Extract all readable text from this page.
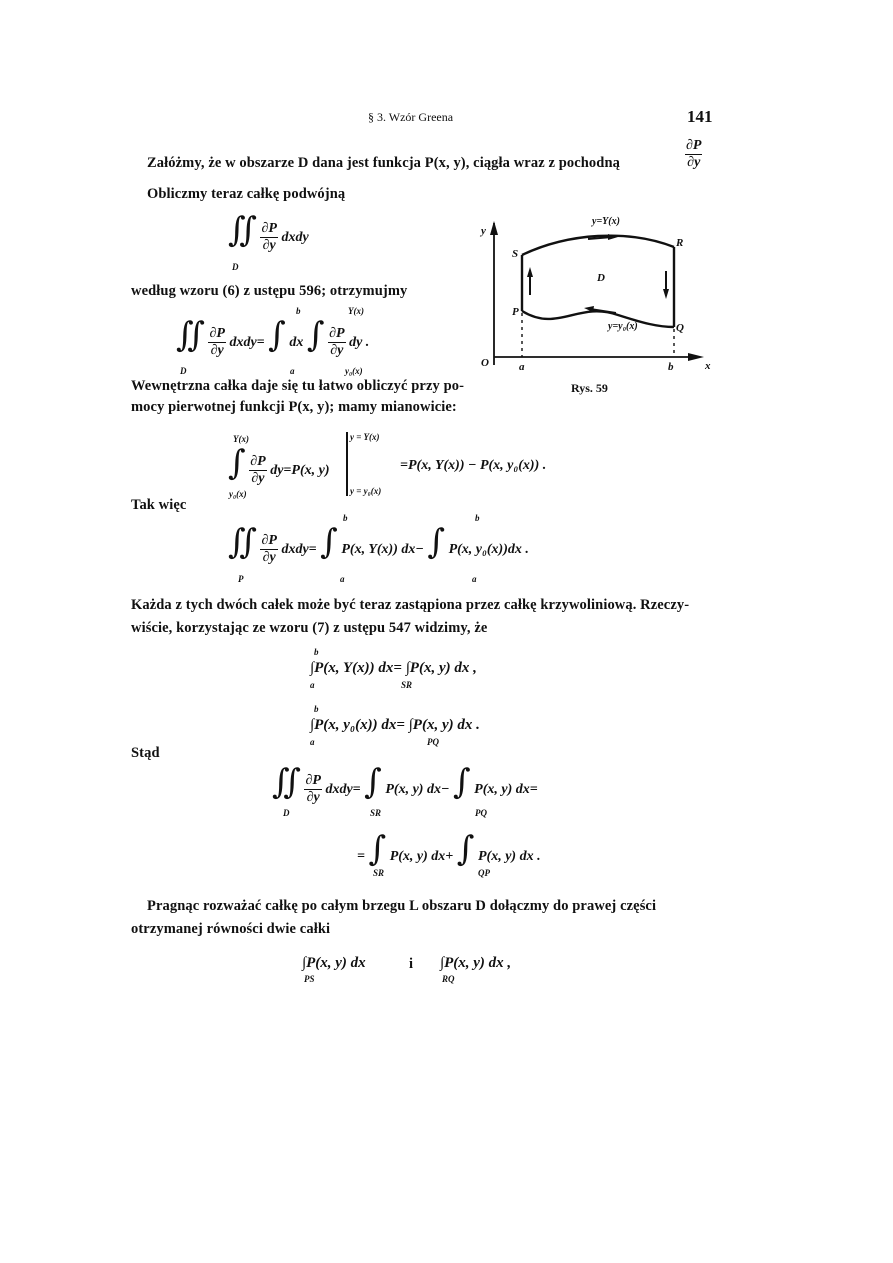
§ 3. Wzór Greena	141
Załóżmy, że w obszarze D dana jest funkcja P(x, y), ciągła wraz z pochodną	$\frac{\partial P}{\partial y}$
Obliczmy teraz całkę podwójną
∬ $\frac{\partial P}{\partial y}$ dxdy
D
według wzoru (6) z ustępu 596; otrzymujmy
b	Y(x)
∬ $\frac{\partial P}{\partial y}$ dxdy= ∫ dx ∫ $\frac{\partial P}{\partial y}$ dy .
D	a	y₀(x)
Wewnętrzna całka daje się tu łatwo obliczyć przy po-
mocy pierwotnej funkcji P(x, y); mamy mianowicie:
y
x
O	a	b
S
R
P
Q
D
y=Y(x)
y=y₀(x)
Rys. 59
Y(x)
∫ $\frac{\partial P}{\partial y} dy=P(x$, y)
y = Y(x)
y = y₀(x)
=P(x, Y(x)) − P(x, y₀(x)) .
y₀(x)
Tak więc
b	b
∬ $\frac{\partial P}{\partial y}$ dxdy= ∫ P(x, Y(x)) dx− ∫ P(x, y₀(x))dx .
P	a	a
Każda z tych dwóch całek może być teraz zastąpiona przez całkę krzywoliniową. Rzeczy-
wiście, korzystając ze wzoru (7) z ustępu 547 widzimy, że
b
∫P(x, Y(x)) dx= ∫P(x, y) dx ,
a	SR
b
∫P(x, y₀(x)) dx= ∫P(x, y) dx .
a	PQ
Stąd
∬ $\frac{\partial P}{\partial y}$ dxdy= ∫ P(x, y) dx− ∫ P(x, y) dx=
D	SR	PQ
= ∫ P(x, y) dx+ ∫ P(x, y) dx .
SR	QP
Pragnąc rozważać całkę po całym brzegu L obszaru D dołączmy do prawej części
otrzymanej równości dwie całki
∫P(x, y) dx	i ∫P(x, y) dx ,
PS	RQ
